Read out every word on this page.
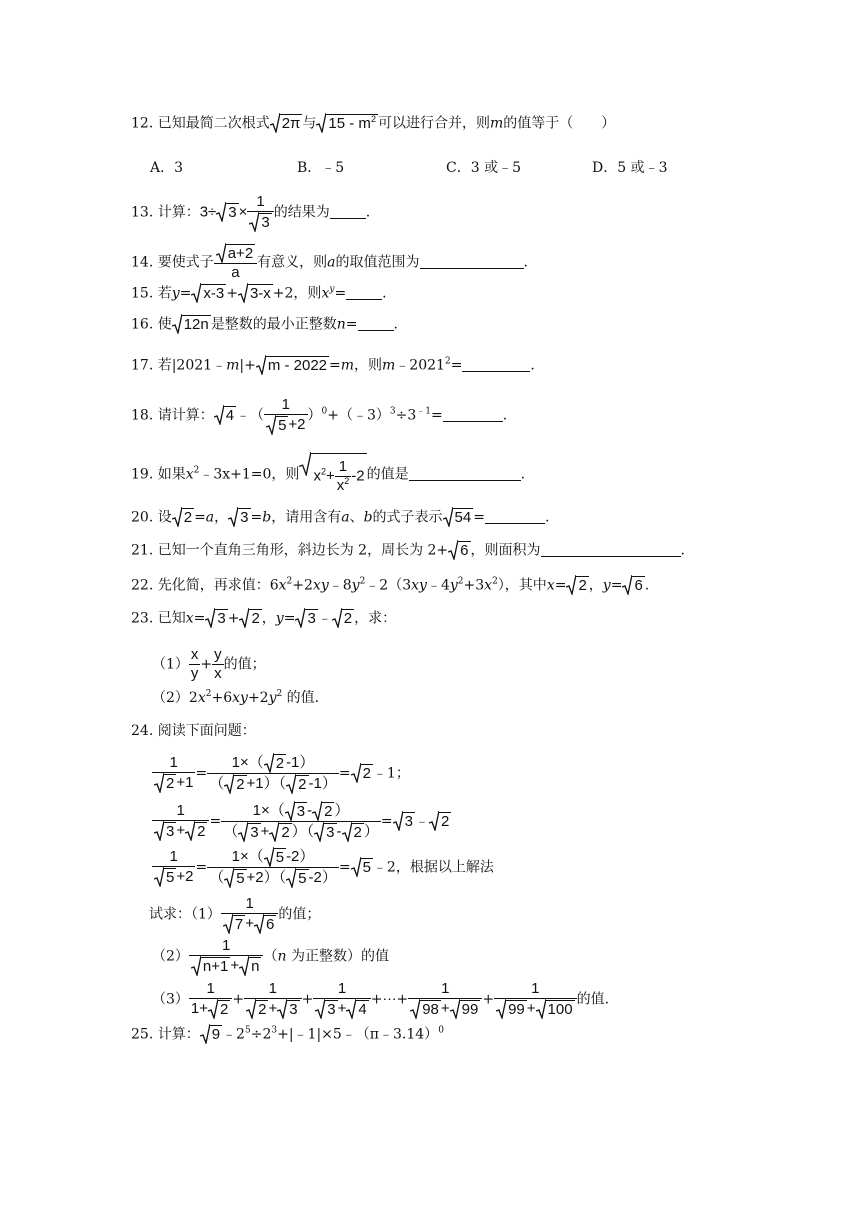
12. 已知最简二次根式 2π 与 $15 - m^2$ 可以进行合并，则m的值等于（　　）
A．3	B．﹣5	C．3 或﹣5	D．5 或﹣3
13. 计算：$3\div 3 \times \frac{1}{3}$ 的结果为	.
14. 要使式子 $\frac{a+2}{a}$ 有意义，则a的取值范围为	.
15. 若y= x-3 + 3-x +2，则$x^y=$	.
16. 使 12n 是整数的最小正整数n=	.
17. 若|2021﹣m|+ m - 2022 =m，则$m﹣2021^2=$	.
18. 请计算： 4 ﹣（ $\frac{1}{5 +2}$ ）$^0+(﹣3)^3\div 3^{﹣1}=$	.
19. 如果$x^2﹣3x+1=0$，则 $x^2+ \frac{1}{x^2} -2$ 的值是	.
20. 设 2 =a， 3 =b，请用含有a、b的式子表示 54 =	.
21. 已知一个直角三角形，斜边长为 2，周长为 2+ 6 ，则面积为	.
22. 先化简，再求值：$6x^2+2xy﹣8y^2﹣2(3xy﹣4y^2+3x^2)$，其中x= 2 ，y= 6 .
23. 已知x= 3 + 2 ，y= 3 ﹣ 2 ，求：
$(1) \frac{x}{y} + \frac{y}{x}$ 的值；
$(2)2x^2+6xy+2y^2$ 的值.
24. 阅读下面问题：
$\frac{1}{2 +1} = \frac{1\times( 2 -1)}{( 2 +1)( 2 -1)} = 2$ ﹣1；
$\frac{1}{3 + 2} = \frac{1\times( 3 - 2 )}{( 3 + 2 )( 3 - 2 )} = 3$ ﹣ 2
$\frac{1}{5 +2} = \frac{1\times( 5 -2)}{( 5 +2)( 5 -2)} = 5$ ﹣2，根据以上解法
试求：$(1) \frac{1}{7 + 6}$ 的值；
$(2) \frac{1}{n+1 + n} (n$ 为正整数）的值
$(3) \frac{1}{1+ 2} + \frac{1}{2 + 3} + \frac{1}{3 + 4}$ +⋯+ $\frac{1}{98 + 99} + \frac{1}{99 + 100}$ 的值.
25. 计算： 9 $﹣2^5\div 2^3+|﹣1|\times 5﹣(\pi﹣3.14)^0$
